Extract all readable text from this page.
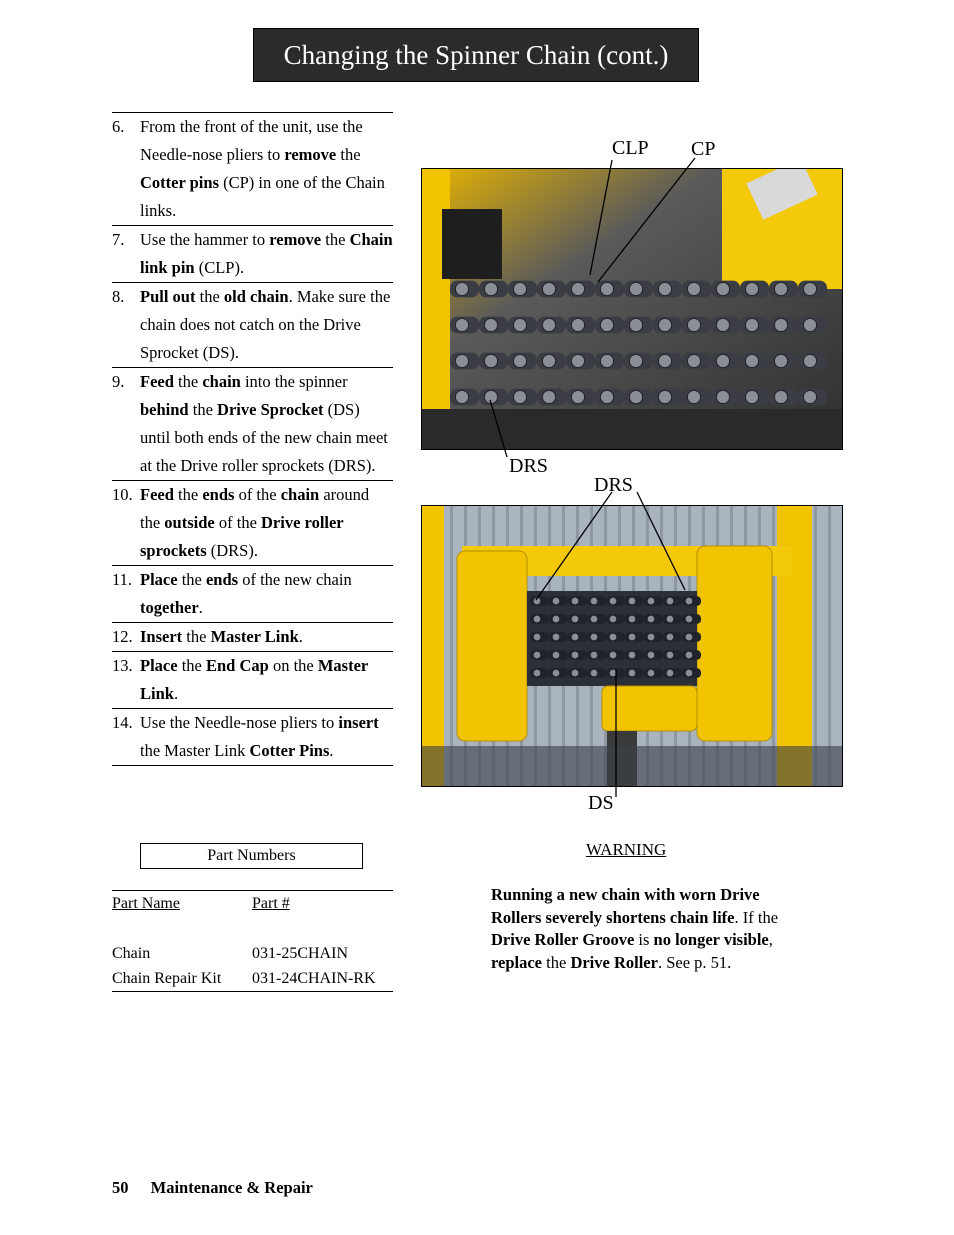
Changing the Spinner Chain (cont.)
6. From the front of the unit, use the Needle-nose pliers to remove the Cotter pins (CP) in one of the Chain links.
7. Use the hammer to remove the Chain link pin (CLP).
8. Pull out the old chain. Make sure the chain does not catch on the Drive Sprocket (DS).
9. Feed the chain into the spinner behind the Drive Sprocket (DS) until both ends of the new chain meet at the Drive roller sprockets (DRS).
10. Feed the ends of the chain around the outside of the Drive roller sprockets (DRS).
11. Place the ends of the new chain together.
12. Insert the Master Link.
13. Place the End Cap on the Master Link.
14. Use the Needle-nose pliers to insert the Master Link Cotter Pins.
Part Numbers
Part Name	Part #
Chain	031-25CHAIN
Chain Repair Kit	031-24CHAIN-RK
CLP CP
DRS
DRS
DS
WARNING
Running a new chain with worn Drive Rollers severely shortens chain life. If the Drive Roller Groove is no longer visible, replace the Drive Roller. See p. 51.
50 Maintenance & Repair
